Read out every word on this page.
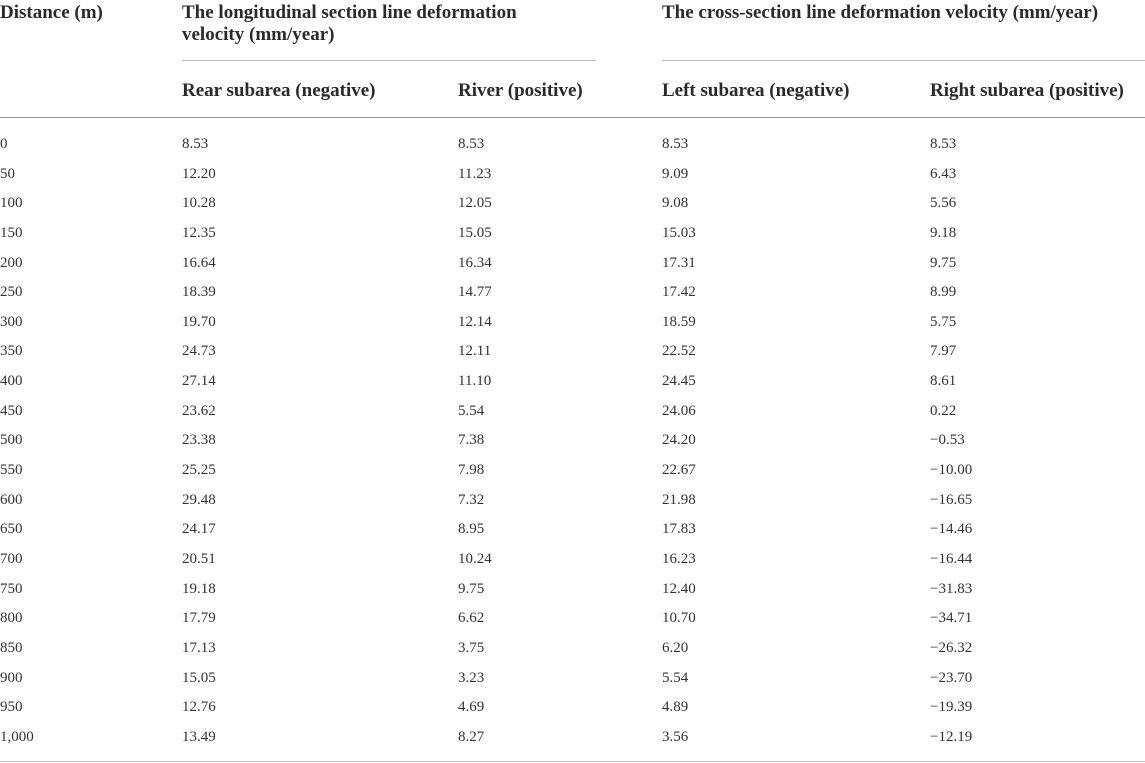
Distance (m)	The longitudinal section line deformation velocity (mm/year)
The cross-section line deformation velocity (mm/year)
Rear subarea (negative)	River (positive)	Left subarea (negative)	Right subarea (positive)
0	8.53	8.53	8.53	8.53
50	12.20	11.23	9.09	6.43
100	10.28	12.05	9.08	5.56
150	12.35	15.05	15.03	9.18
200	16.64	16.34	17.31	9.75
250	18.39	14.77	17.42	8.99
300	19.70	12.14	18.59	5.75
350	24.73	12.11	22.52	7.97
400	27.14	11.10	24.45	8.61
450	23.62	5.54	24.06	0.22
500	23.38	7.38	24.20	−0.53
550	25.25	7.98	22.67	−10.00
600	29.48	7.32	21.98	−16.65
650	24.17	8.95	17.83	−14.46
700	20.51	10.24	16.23	−16.44
750	19.18	9.75	12.40	−31.83
800	17.79	6.62	10.70	−34.71
850	17.13	3.75	6.20	−26.32
900	15.05	3.23	5.54	−23.70
950	12.76	4.69	4.89	−19.39
1,000	13.49	8.27	3.56	−12.19
